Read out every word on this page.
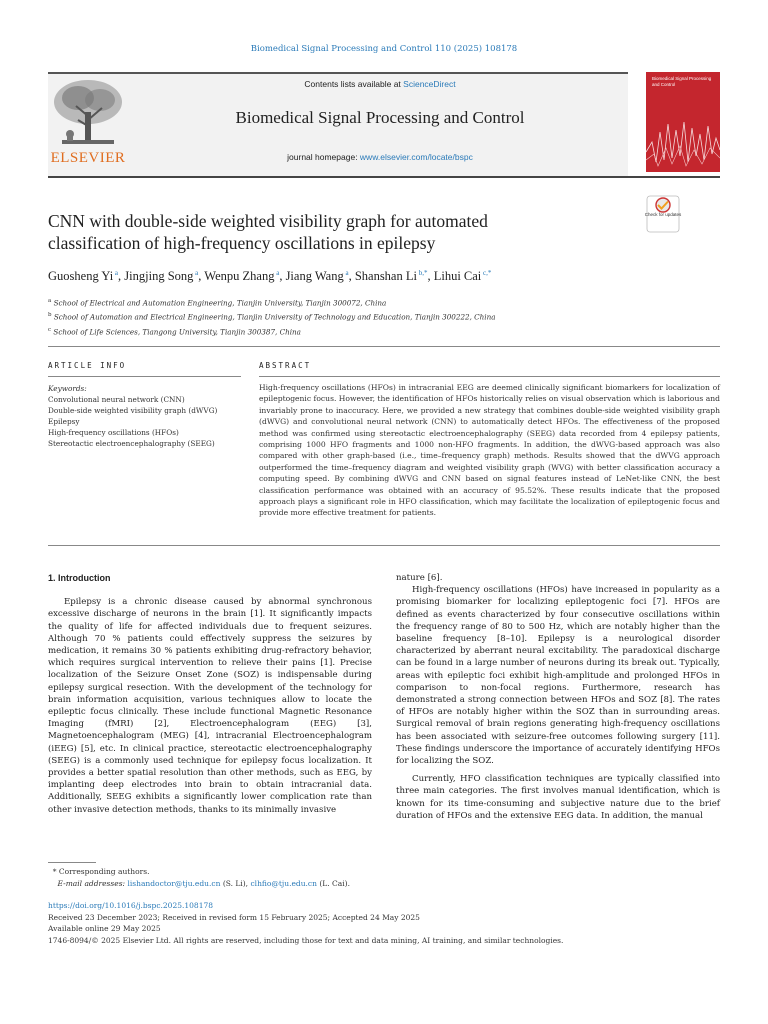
Biomedical Signal Processing and Control 110 (2025) 108178
ELSEVIER
Contents lists available at ScienceDirect
Biomedical Signal Processing and Control
journal homepage: www.elsevier.com/locate/bspc
Biomedical Signal Processing and Control
Check for updates
CNN with double-side weighted visibility graph for automated
classification of high-frequency oscillations in epilepsy
Guosheng Yi $^a$, Jingjing Song $^a$, Wenpu Zhang $^a$, Jiang Wang $^a$, Shanshan Li $^{b,*}$, Lihui Cai $^{c,*}$
$^a$ School of Electrical and Automation Engineering, Tianjin University, Tianjin 300072, China
$^b$ School of Automation and Electrical Engineering, Tianjin University of Technology and Education, Tianjin 300222, China
$^c$ School of Life Sciences, Tiangong University, Tianjin 300387, China
ARTICLE INFO	ABSTRACT
Keywords:
Convolutional neural network (CNN)
Double-side weighted visibility graph (dWVG)
Epilepsy
High-frequency oscillations (HFOs)
Stereotactic electroencephalography (SEEG)
High-frequency oscillations (HFOs) in intracranial EEG are deemed clinically significant biomarkers for localization of epileptogenic focus. However, the identification of HFOs historically relies on visual observation which is laborious and invariably prone to inaccuracy. Here, we provided a new strategy that combines double-side weighted visibility graph (dWVG) and convolutional neural network (CNN) to automatically detect HFOs. The effectiveness of the proposed method was confirmed using stereotactic electroencephalography (SEEG) data recorded from 4 epilepsy patients, comprising 1000 HFO fragments and 1000 non-HFO fragments. In addition, the dWVG-based approach was also compared with other graph-based (i.e., time–frequency graph) methods. Results showed that the dWVG approach outperformed the time–frequency diagram and weighted visibility graph (WVG) with better classification accuracy a computing speed. By combining dWVG and CNN based on signal features instead of LeNet-like CNN, the best classification performance was obtained with an accuracy of 95.52%. These results indicate that the proposed approach plays a significant role in HFO classification, which may facilitate the localization of epileptogenic focus and provide more effective treatment for patients.
1. Introduction

Epilepsy is a chronic disease caused by abnormal synchronous excessive discharge of neurons in the brain [1]. It significantly impacts the quality of life for affected individuals due to frequent seizures. Although 70 % patients could effectively suppress the seizures by medication, it remains 30 % patients exhibiting drug-refractory behavior, which requires surgical intervention to relieve their pains [1]. Precise localization of the Seizure Onset Zone (SOZ) is indispensable during epilepsy surgical resection. With the development of the technology for brain information acquisition, various techniques allow to locate the epileptic focus clinically. These include functional Magnetic Resonance Imaging (fMRI) [2], Electroencephalogram (EEG) [3], Magnetoencephalogram (MEG) [4], intracranial Electroencephalogram (iEEG) [5], etc. In clinical practice, stereotactic electroencephalography (SEEG) is a commonly used technique for epilepsy focus localization. It provides a better spatial resolution than other methods, such as EEG, by implanting deep electrodes into brain to obtain intracranial data. Additionally, SEEG exhibits a significantly lower complication rate than other invasive detection methods, thanks to its minimally invasive

nature [6].

High-frequency oscillations (HFOs) have increased in popularity as a promising biomarker for localizing epileptogenic foci [7]. HFOs are defined as events characterized by four consecutive oscillations within the frequency range of 80 to 500 Hz, which are notably higher than the baseline frequency [8–10]. Epilepsy is a neurological disorder characterized by aberrant neural excitability. The paradoxical discharge can be found in a large number of neurons during its break out. Typically, areas with epileptic foci exhibit high-amplitude and prolonged HFOs in comparison to non-focal regions. Furthermore, research has demonstrated a strong connection between HFOs and SOZ [8]. The rates of HFOs are notably higher within the SOZ than in surrounding areas. Surgical removal of brain regions generating high-frequency oscillations has been associated with seizure-free outcomes following surgery [11]. These findings underscore the importance of accurately identifying HFOs for localizing the SOZ.

Currently, HFO classification techniques are typically classified into three main categories. The first involves manual identification, which is known for its time-consuming and subjective nature due to the brief duration of HFOs and the extensive EEG data. In addition, the manual

* Corresponding authors.
E-mail addresses: lishandoctor@tju.edu.cn (S. Li), clhfio@tju.edu.cn (L. Cai).
https://doi.org/10.1016/j.bspc.2025.108178
Received 23 December 2023; Received in revised form 15 February 2025; Accepted 24 May 2025
Available online 29 May 2025
1746-8094/© 2025 Elsevier Ltd. All rights are reserved, including those for text and data mining, AI training, and similar technologies.
